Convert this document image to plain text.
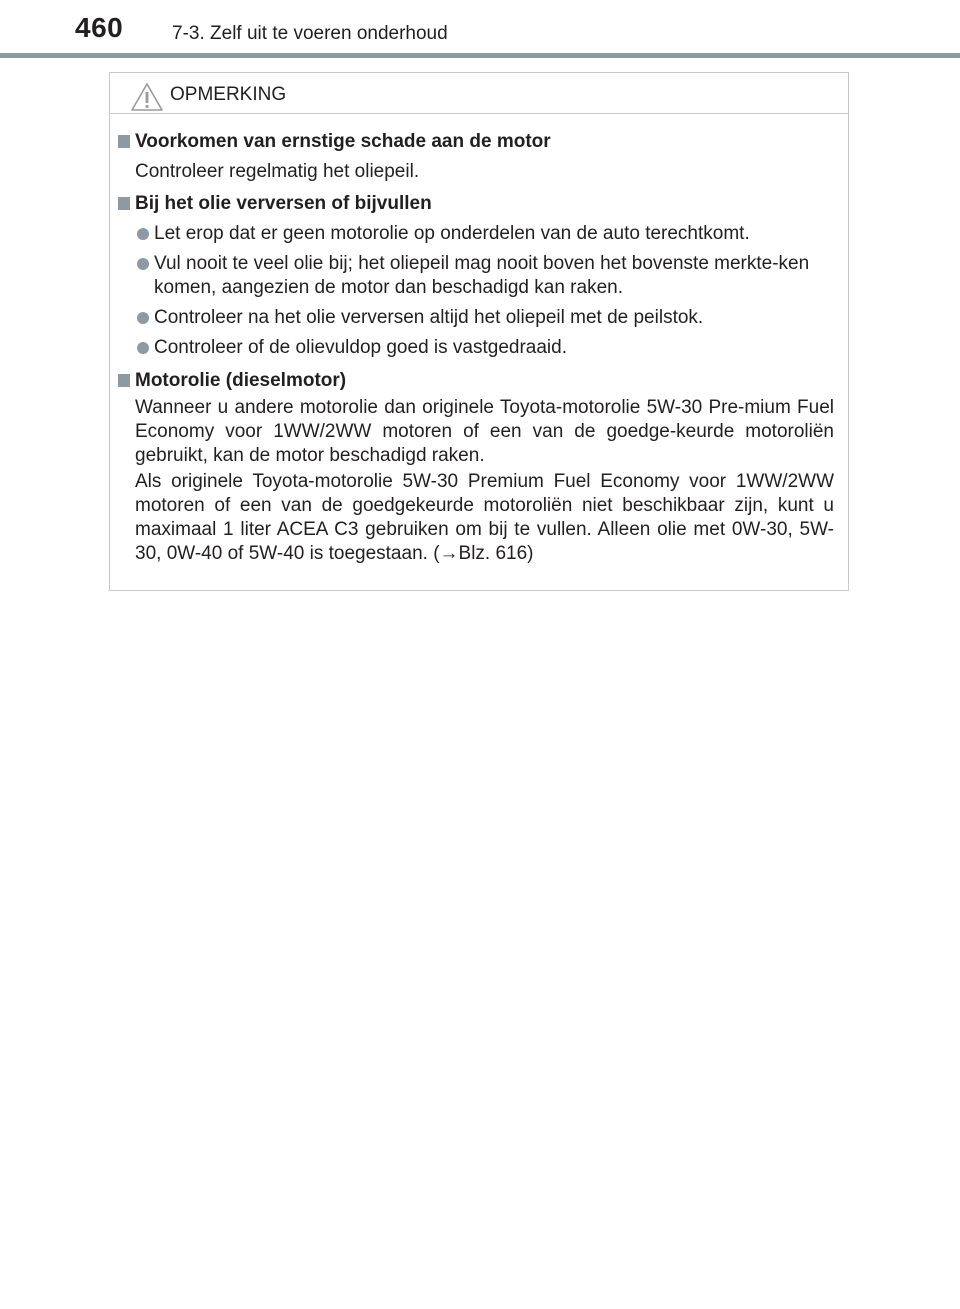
460	7-3. Zelf uit te voeren onderhoud
OPMERKING
Voorkomen van ernstige schade aan de motor
Controleer regelmatig het oliepeil.
Bij het olie verversen of bijvullen
Let erop dat er geen motorolie op onderdelen van de auto terechtkomt.
Vul nooit te veel olie bij; het oliepeil mag nooit boven het bovenste merkte-ken komen, aangezien de motor dan beschadigd kan raken.
Controleer na het olie verversen altijd het oliepeil met de peilstok.
Controleer of de olievuldop goed is vastgedraaid.
Motorolie (dieselmotor)
Wanneer u andere motorolie dan originele Toyota-motorolie 5W-30 Pre-mium Fuel Economy voor 1WW/2WW motoren of een van de goedge-keurde motoroliën gebruikt, kan de motor beschadigd raken.
Als originele Toyota-motorolie 5W-30 Premium Fuel Economy voor 1WW/2WW motoren of een van de goedgekeurde motoroliën niet beschikbaar zijn, kunt u maximaal 1 liter ACEA C3 gebruiken om bij te vullen. Alleen olie met 0W-30, 5W-30, 0W-40 of 5W-40 is toegestaan. (→Blz. 616)
